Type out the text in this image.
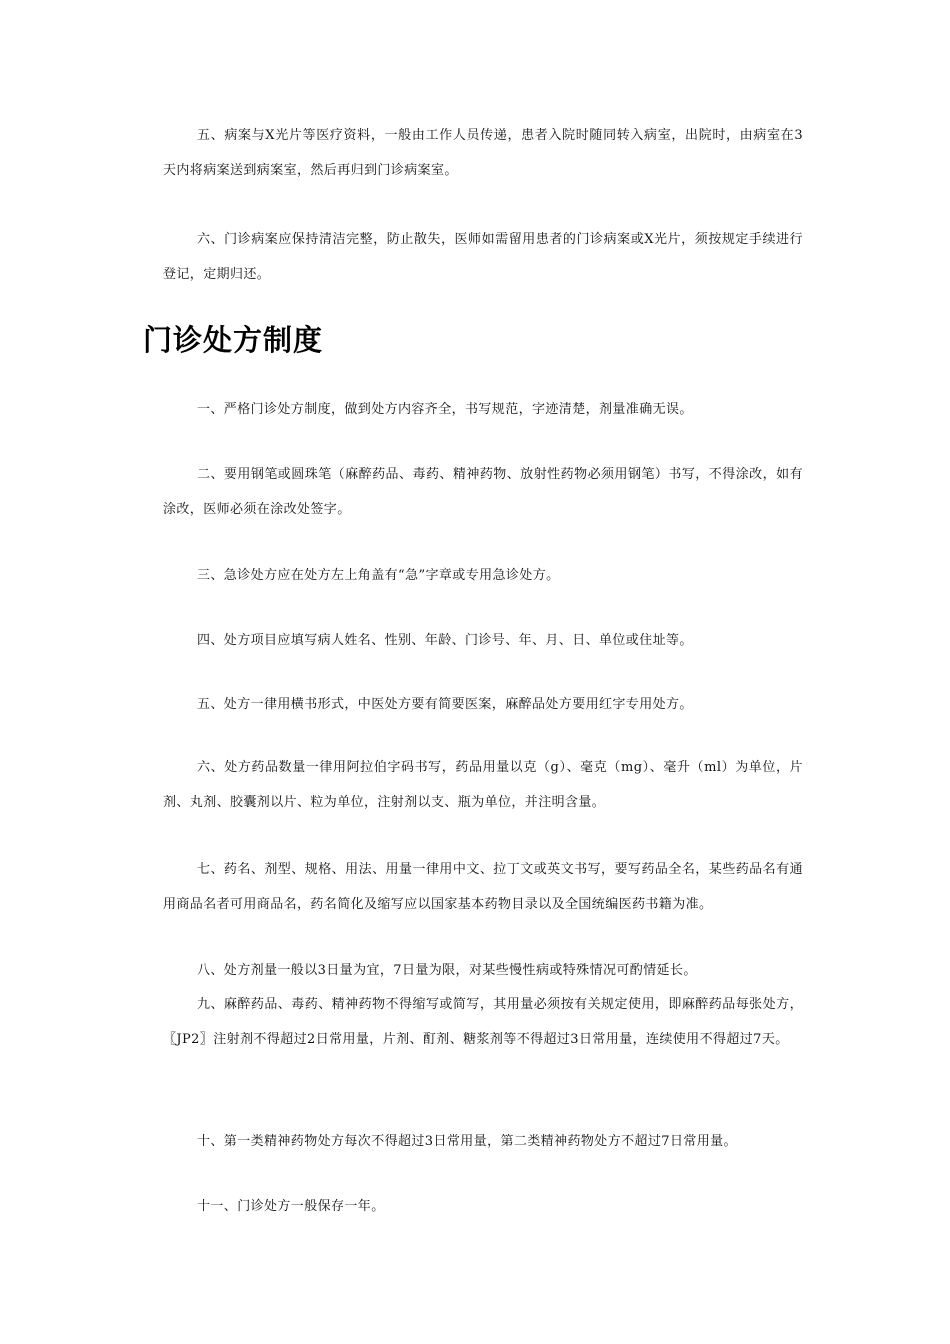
五、病案与X光片等医疗资料，一般由工作人员传递，患者入院时随同转入病室，出院时，由病室在3天内将病案送到病案室，然后再归到门诊病案室。

六、门诊病案应保持清洁完整，防止散失，医师如需留用患者的门诊病案或X光片，须按规定手续进行登记，定期归还。

门诊处方制度

一、严格门诊处方制度，做到处方内容齐全，书写规范，字迹清楚，剂量准确无误。

二、要用钢笔或圆珠笔（麻醉药品、毒药、精神药物、放射性药物必须用钢笔）书写，不得涂改，如有涂改，医师必须在涂改处签字。

三、急诊处方应在处方左上角盖有“急”字章或专用急诊处方。

四、处方项目应填写病人姓名、性别、年龄、门诊号、年、月、日、单位或住址等。

五、处方一律用横书形式，中医处方要有简要医案，麻醉品处方要用红字专用处方。

六、处方药品数量一律用阿拉伯字码书写，药品用量以克（g）、毫克（mg）、毫升（ml）为单位，片剂、丸剂、胶囊剂以片、粒为单位，注射剂以支、瓶为单位，并注明含量。

七、药名、剂型、规格、用法、用量一律用中文、拉丁文或英文书写，要写药品全名，某些药品名有通用商品名者可用商品名，药名简化及缩写应以国家基本药物目录以及全国统编医药书籍为准。

八、处方剂量一般以3日量为宜，7日量为限，对某些慢性病或特殊情况可酌情延长。

九、麻醉药品、毒药、精神药物不得缩写或简写，其用量必须按有关规定使用，即麻醉药品每张处方，〖JP2〗注射剂不得超过2日常用量，片剂、酊剂、糖浆剂等不得超过3日常用量，连续使用不得超过7天。

十、第一类精神药物处方每次不得超过3日常用量，第二类精神药物处方不超过7日常用量。

十一、门诊处方一般保存一年。
